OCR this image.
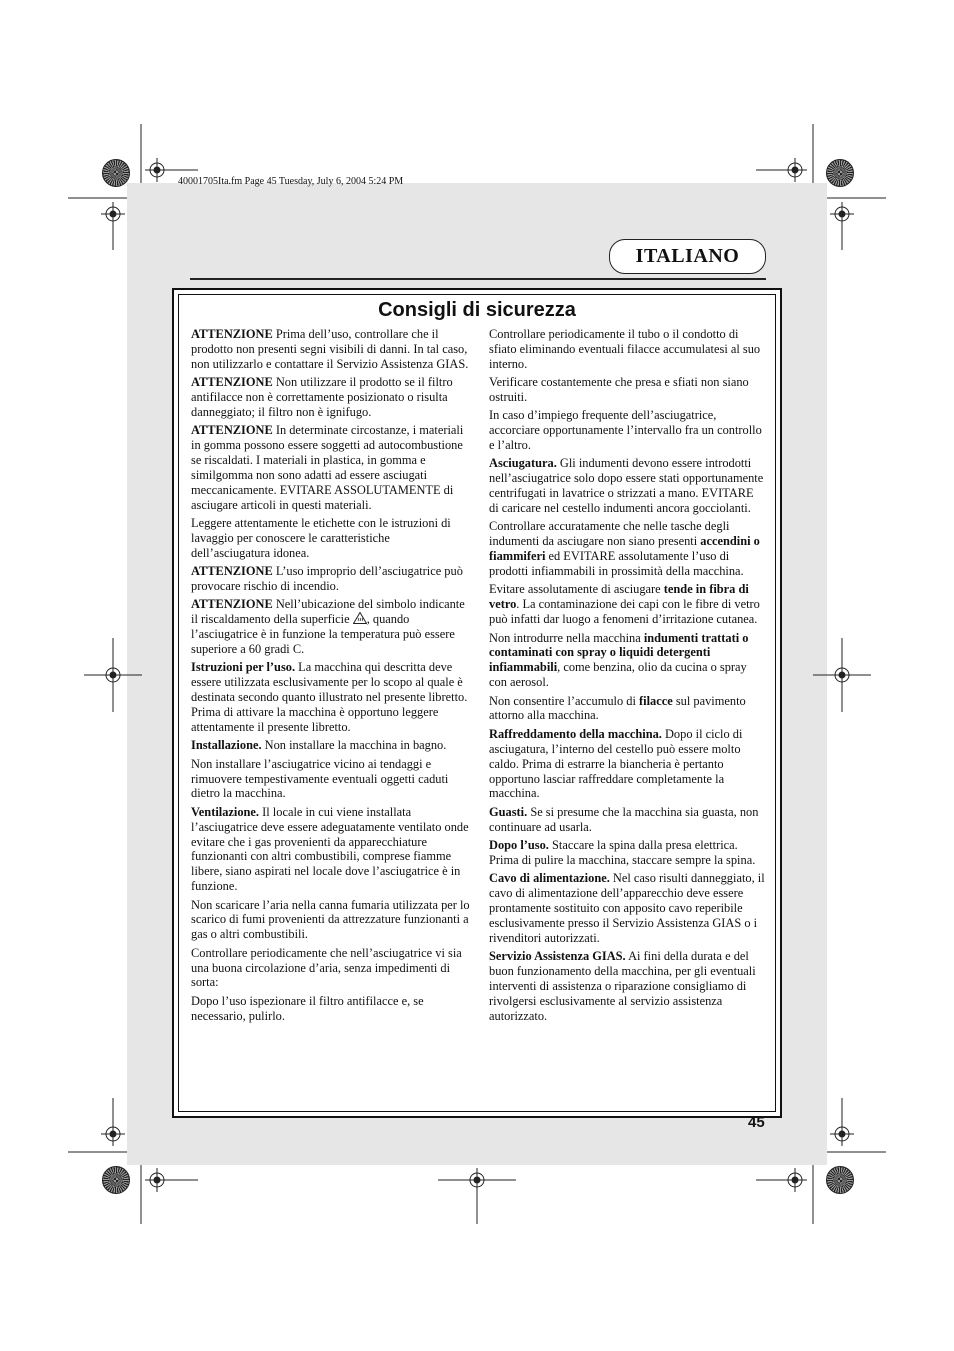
40001705Ita.fm Page 45 Tuesday, July 6, 2004 5:24 PM
ITALIANO
Consigli di sicurezza

ATTENZIONE Prima dell’uso, controllare che il prodotto non presenti segni visibili di danni. In tal caso, non utilizzarlo e contattare il Servizio Assistenza GIAS.

ATTENZIONE Non utilizzare il prodotto se il filtro antifilacce non è correttamente posizionato o risulta danneggiato; il filtro non è ignifugo.

ATTENZIONE In determinate circostanze, i materiali in gomma possono essere soggetti ad autocombustione se riscaldati. I materiali in plastica, in gomma e similgomma non sono adatti ad essere asciugati meccanicamente. EVITARE ASSOLUTAMENTE di asciugare articoli in questi materiali.

Leggere attentamente le etichette con le istruzioni di lavaggio per conoscere le caratteristiche dell’asciugatura idonea.

ATTENZIONE L’uso improprio dell’asciugatrice può provocare rischio di incendio.

ATTENZIONE Nell’ubicazione del simbolo indicante il riscaldamento della superficie , quando l’asciugatrice è in funzione la temperatura può essere superiore a 60 gradi C.

Istruzioni per l’uso. La macchina qui descritta deve essere utilizzata esclusivamente per lo scopo al quale è destinata secondo quanto illustrato nel presente libretto. Prima di attivare la macchina è opportuno leggere attentamente il presente libretto.

Installazione. Non installare la macchina in bagno.

Non installare l’asciugatrice vicino ai tendaggi e rimuovere tempestivamente eventuali oggetti caduti dietro la macchina.

Ventilazione. Il locale in cui viene installata l’asciugatrice deve essere adeguatamente ventilato onde evitare che i gas provenienti da apparecchiature funzionanti con altri combustibili, comprese fiamme libere, siano aspirati nel locale dove l’asciugatrice è in funzione.

Non scaricare l’aria nella canna fumaria utilizzata per lo scarico di fumi provenienti da attrezzature funzionanti a gas o altri combustibili.

Controllare periodicamente che nell’asciugatrice vi sia una buona circolazione d’aria, senza impedimenti di sorta:

Dopo l’uso ispezionare il filtro antifilacce e, se necessario, pulirlo.

Controllare periodicamente il tubo o il condotto di sfiato eliminando eventuali filacce accumulatesi al suo interno.

Verificare costantemente che presa e sfiati non siano ostruiti.

In caso d’impiego frequente dell’asciugatrice, accorciare opportunamente l’intervallo fra un controllo e l’altro.

Asciugatura. Gli indumenti devono essere introdotti nell’asciugatrice solo dopo essere stati opportunamente centrifugati in lavatrice o strizzati a mano. EVITARE di caricare nel cestello indumenti ancora gocciolanti.

Controllare accuratamente che nelle tasche degli indumenti da asciugare non siano presenti accendini o fiammiferi ed EVITARE assolutamente l’uso di prodotti infiammabili in prossimità della macchina.

Evitare assolutamente di asciugare tende in fibra di vetro. La contaminazione dei capi con le fibre di vetro può infatti dar luogo a fenomeni d’irritazione cutanea.

Non introdurre nella macchina indumenti trattati o contaminati con spray o liquidi detergenti infiammabili, come benzina, olio da cucina o spray con aerosol.

Non consentire l’accumulo di filacce sul pavimento attorno alla macchina.

Raffreddamento della macchina. Dopo il ciclo di asciugatura, l’interno del cestello può essere molto caldo. Prima di estrarre la biancheria è pertanto opportuno lasciar raffreddare completamente la macchina.

Guasti. Se si presume che la macchina sia guasta, non continuare ad usarla.

Dopo l’uso. Staccare la spina dalla presa elettrica. Prima di pulire la macchina, staccare sempre la spina.

Cavo di alimentazione. Nel caso risulti danneggiato, il cavo di alimentazione dell’apparecchio deve essere prontamente sostituito con apposito cavo reperibile esclusivamente presso il Servizio Assistenza GIAS o i rivenditori autorizzati.

Servizio Assistenza GIAS. Ai fini della durata e del buon funzionamento della macchina, per gli eventuali interventi di assistenza o riparazione consigliamo di rivolgersi esclusivamente al servizio assistenza autorizzato.

45
